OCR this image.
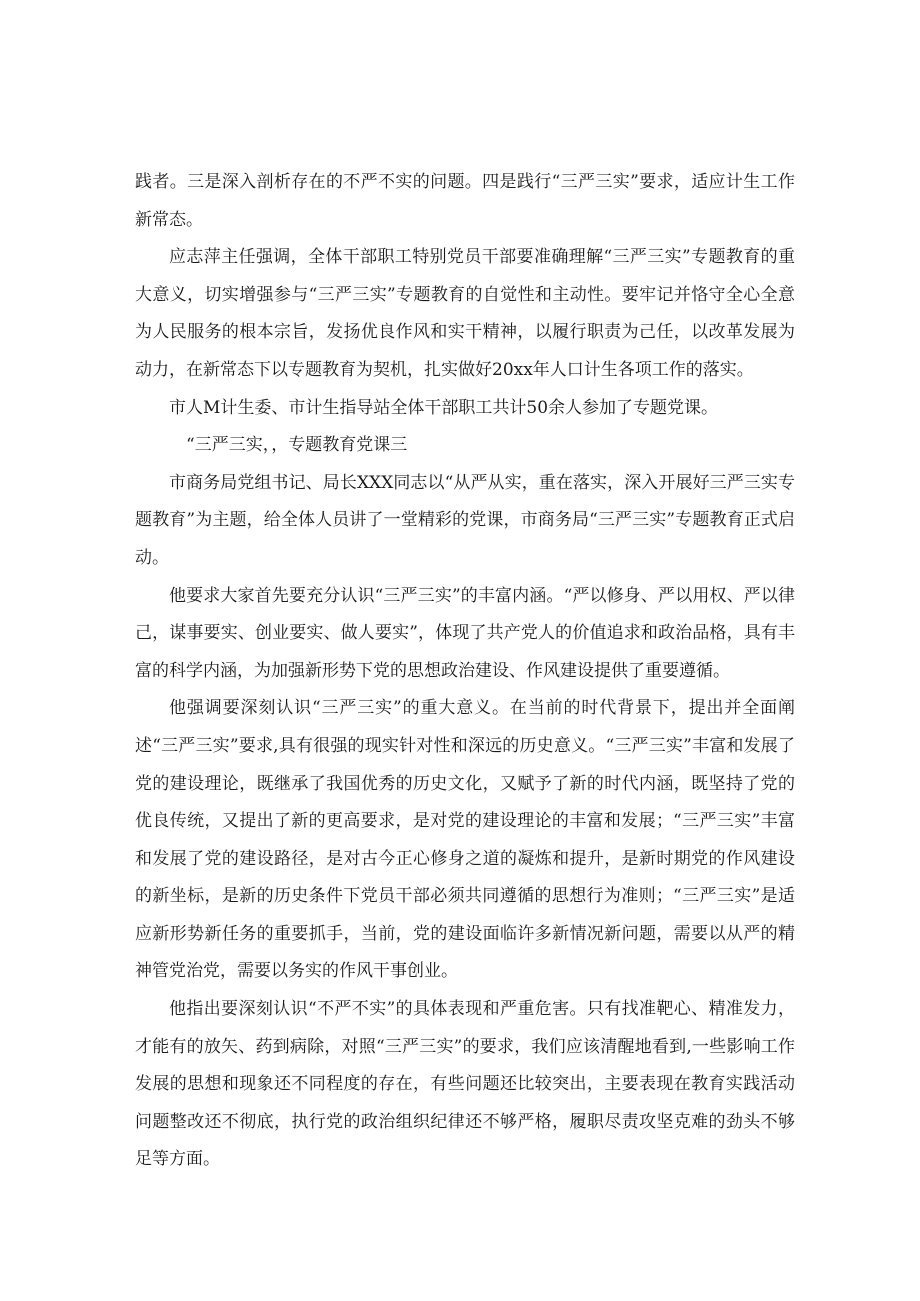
践者。三是深入剖析存在的不严不实的问题。四是践行“三严三实”要求，适应计生工作新常态。

应志萍主任强调，全体干部职工特别党员干部要准确理解“三严三实”专题教育的重大意义，切实增强参与“三严三实”专题教育的自觉性和主动性。要牢记并恪守全心全意为人民服务的根本宗旨，发扬优良作风和实干精神，以履行职责为己任，以改革发展为动力，在新常态下以专题教育为契机，扎实做好20xx年人口计生各项工作的落实。

市人M计生委、市计生指导站全体干部职工共计50余人参加了专题党课。

“三严三实，，专题教育党课三

市商务局党组书记、局长XXX同志以“从严从实，重在落实，深入开展好三严三实专题教育”为主题，给全体人员讲了一堂精彩的党课，市商务局“三严三实”专题教育正式启动。

他要求大家首先要充分认识“三严三实”的丰富内涵。“严以修身、严以用权、严以律己，谋事要实、创业要实、做人要实”，体现了共产党人的价值追求和政治品格，具有丰富的科学内涵，为加强新形势下党的思想政治建设、作风建设提供了重要遵循。

他强调要深刻认识“三严三实”的重大意义。在当前的时代背景下，提出并全面阐述“三严三实”要求,具有很强的现实针对性和深远的历史意义。“三严三实”丰富和发展了党的建设理论，既继承了我国优秀的历史文化，又赋予了新的时代内涵，既坚持了党的优良传统，又提出了新的更高要求，是对党的建设理论的丰富和发展；“三严三实”丰富和发展了党的建设路径，是对古今正心修身之道的凝炼和提升，是新时期党的作风建设的新坐标，是新的历史条件下党员干部必须共同遵循的思想行为准则；“三严三实”是适应新形势新任务的重要抓手，当前，党的建设面临许多新情况新问题，需要以从严的精神管党治党，需要以务实的作风干事创业。

他指出要深刻认识“不严不实”的具体表现和严重危害。只有找准靶心、精准发力，才能有的放矢、药到病除，对照“三严三实”的要求，我们应该清醒地看到,一些影响工作发展的思想和现象还不同程度的存在，有些问题还比较突出，主要表现在教育实践活动问题整改还不彻底，执行党的政治组织纪律还不够严格，履职尽责攻坚克难的劲头不够足等方面。
